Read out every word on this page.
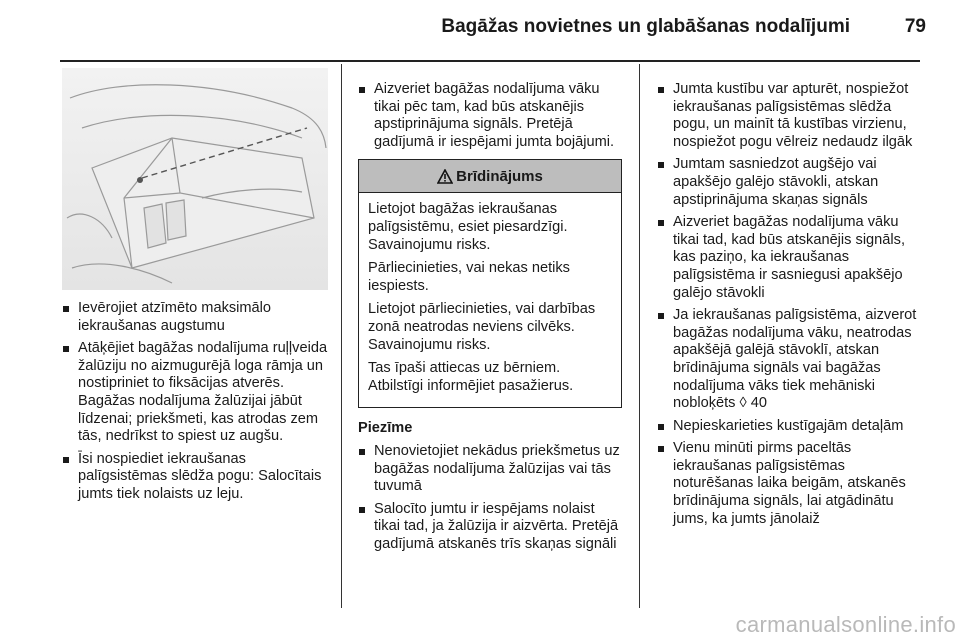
Bagāžas novietnes un glabāšanas nodalījumi	79
Ievērojiet atzīmēto maksimālo iekraušanas augstumu
Atāķējiet bagāžas nodalījuma ruļļveida žalūziju no aizmugurējā loga rāmja un nostipriniet to fiksācijas atverēs. Bagāžas nodalījuma žalūzijai jābūt līdzenai; priekšmeti, kas atrodas zem tās, nedrīkst to spiest uz augšu.
Īsi nospiediet iekraušanas palīgsistēmas slēdža pogu: Salocītais jumts tiek nolaists uz leju.
Aizveriet bagāžas nodalījuma vāku tikai pēc tam, kad būs atskanējis apstiprinājuma signāls. Pretējā gadījumā ir iespējami jumta bojājumi.
Brīdinājums

Lietojot bagāžas iekraušanas palīgsistēmu, esiet piesardzīgi. Savainojumu risks.

Pārliecinieties, vai nekas netiks iespiests.

Lietojot pārliecinieties, vai darbības zonā neatrodas neviens cilvēks. Savainojumu risks.

Tas īpaši attiecas uz bērniem. Atbilstīgi informējiet pasažierus.

Piezīme
Nenovietojiet nekādus priekšmetus uz bagāžas nodalījuma žalūzijas vai tās tuvumā
Salocīto jumtu ir iespējams nolaist tikai tad, ja žalūzija ir aizvērta. Pretējā gadījumā atskanēs trīs skaņas signāli
Jumta kustību var apturēt, nospiežot iekraušanas palīgsistēmas slēdža pogu, un mainīt tā kustības virzienu, nospiežot pogu vēlreiz nedaudz ilgāk
Jumtam sasniedzot augšējo vai apakšējo galējo stāvokli, atskan apstiprinājuma skaņas signāls
Aizveriet bagāžas nodalījuma vāku tikai tad, kad būs atskanējis signāls, kas paziņo, ka iekraušanas palīgsistēma ir sasniegusi apakšējo galējo stāvokli
Ja iekraušanas palīgsistēma, aizverot bagāžas nodalījuma vāku, neatrodas apakšējā galējā stāvoklī, atskan brīdinājuma signāls vai bagāžas nodalījuma vāks tiek mehāniski nobloķēts ◊ 40
Nepieskarieties kustīgajām detaļām
Vienu minūti pirms paceltās iekraušanas palīgsistēmas noturēšanas laika beigām, atskanēs brīdinājuma signāls, lai atgādinātu jums, ka jumts jānolaiž
carmanualsonline.info
